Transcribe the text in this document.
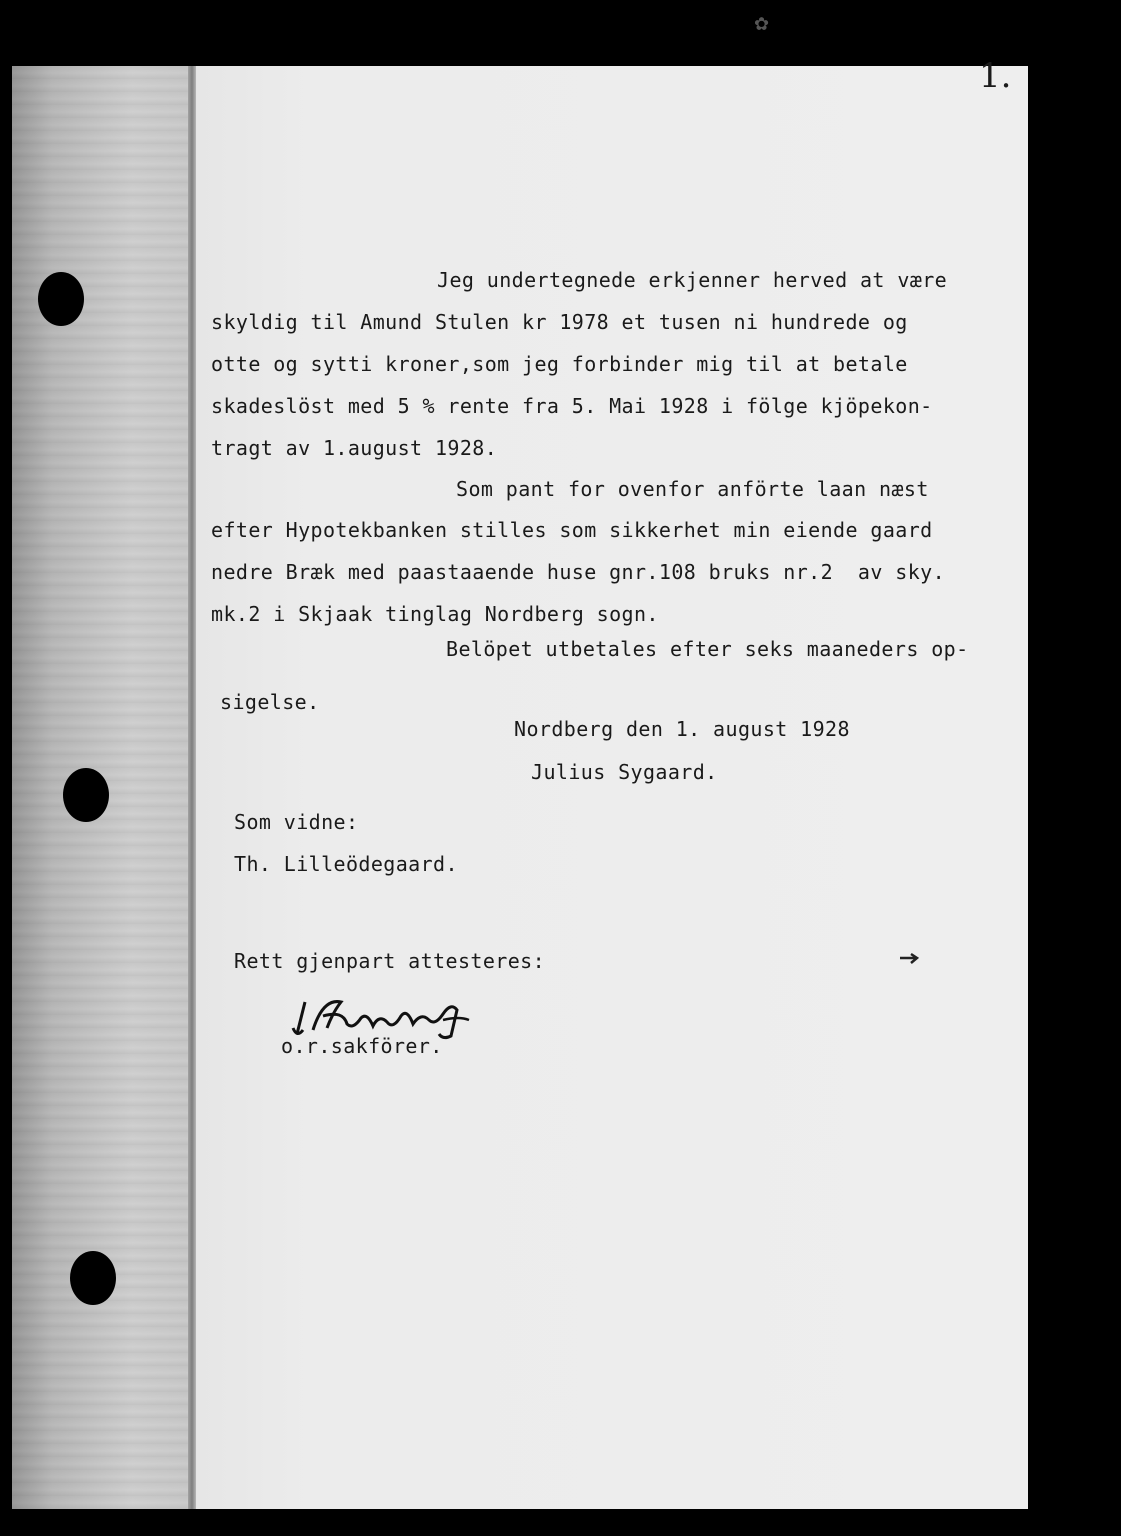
✿
1.
Jeg undertegnede erkjenner herved at være
skyldig til Amund Stulen kr 1978 et tusen ni hundrede og
otte og sytti kroner,som jeg forbinder mig til at betale
skadeslöst med 5 % rente fra 5. Mai 1928 i fölge kjöpekon-
tragt av 1.august 1928.
Som pant for ovenfor anförte laan næst
efter Hypotekbanken stilles som sikkerhet min eiende gaard
nedre Bræk med paastaaende huse gnr.108 bruks nr.2  av sky.
mk.2 i Skjaak tinglag Nordberg sogn.
Belöpet utbetales efter seks maaneders op-
sigelse.
Nordberg den 1. august 1928
Julius Sygaard.
Som vidne:
Th. Lilleödegaard.
Rett gjenpart attesteres:
o.r.sakförer.
